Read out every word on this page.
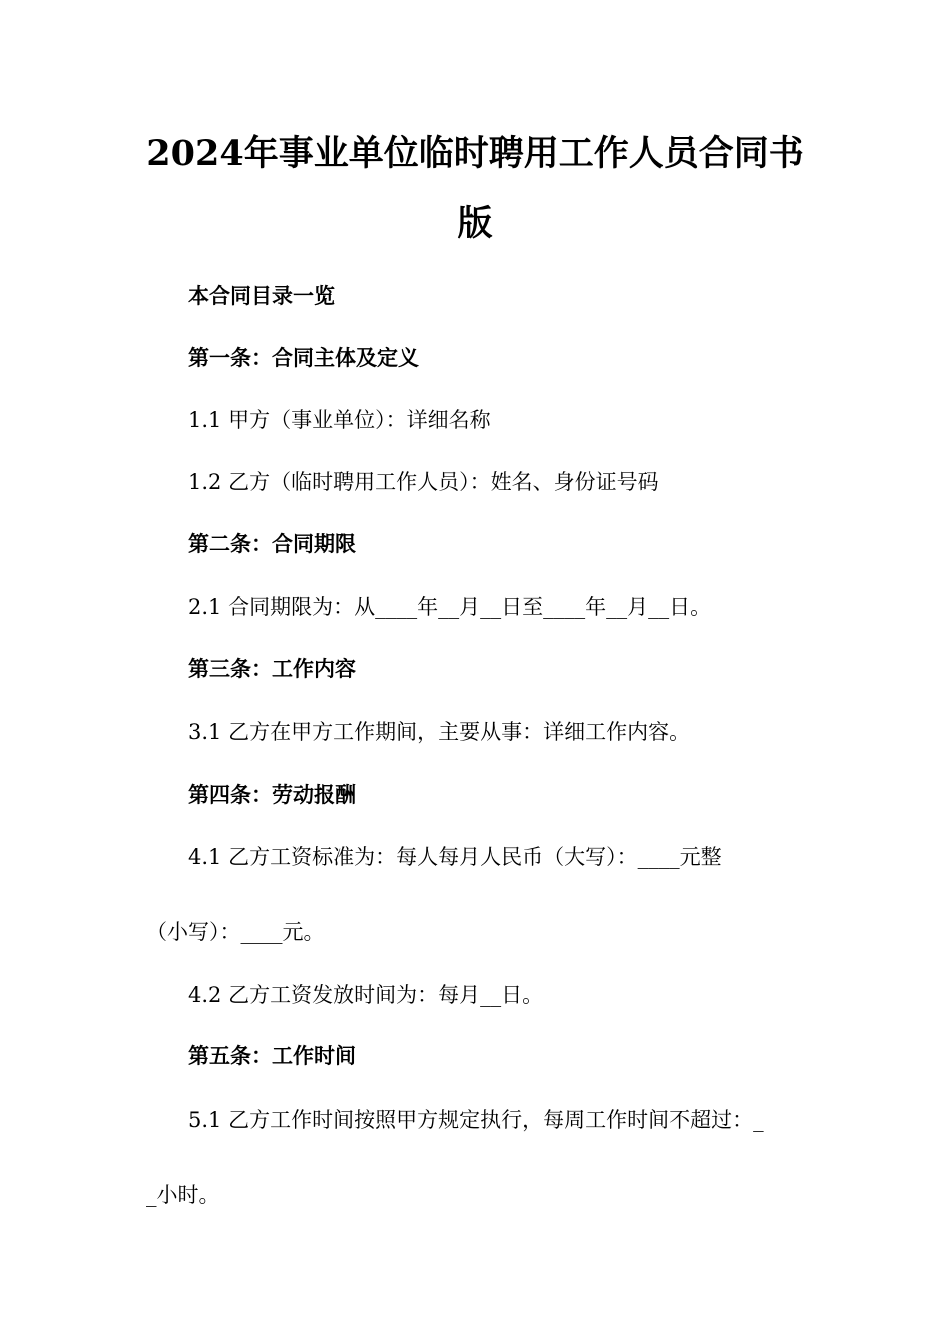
2024年事业单位临时聘用工作人员合同书
版
本合同目录一览
第一条：合同主体及定义
1.1 甲方（事业单位）：详细名称
1.2 乙方（临时聘用工作人员）：姓名、身份证号码
第二条：合同期限
2.1 合同期限为：从____年__月__日至____年__月__日。
第三条：工作内容
3.1 乙方在甲方工作期间，主要从事：详细工作内容。
第四条：劳动报酬
4.1 乙方工资标准为：每人每月人民币（大写）：____元整
（小写）：____元。
4.2 乙方工资发放时间为：每月__日。
第五条：工作时间
5.1 乙方工作时间按照甲方规定执行，每周工作时间不超过：_
_小时。
